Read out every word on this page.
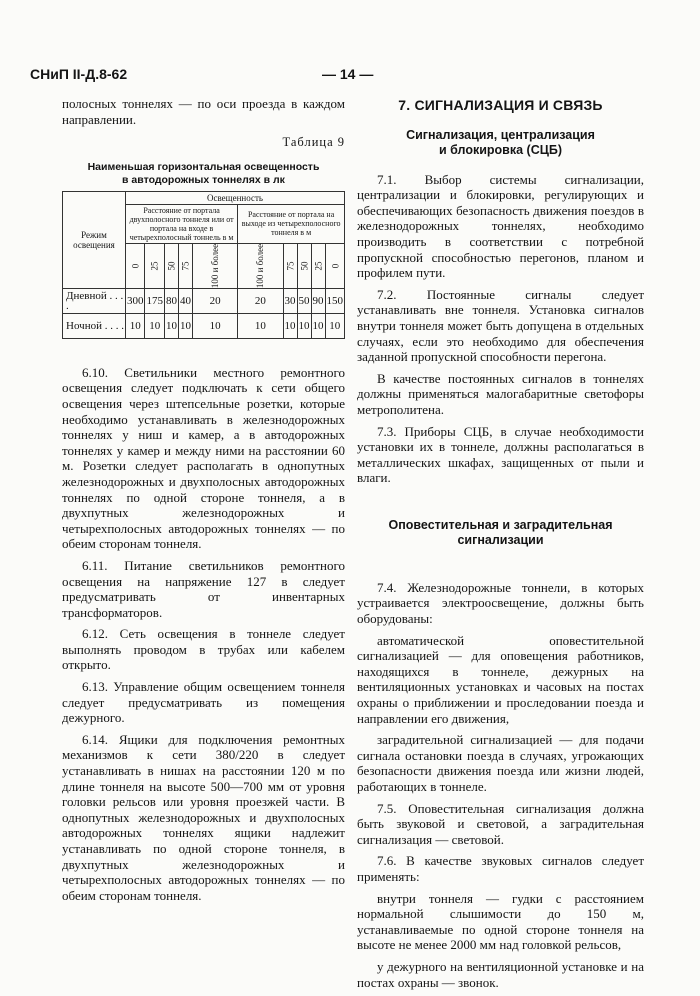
СНиП II-Д.8-62	— 14 —

полосных тоннелях — по оси проезда в каждом направлении.

Таблица 9
Наименьшая горизонтальная освещенность
в автодорожных тоннелях в лк
Режим освещения	Освещенность									
	Расстояние от портала двухполосного тоннеля или от портала на входе в четырехполосный тоннель в м					Расстояние от портала на выходе из четырехполосного тоннеля в м				
	0	25	50	75	100 и более	100 и более	75	50	25	0
Дневной . . . .	300	175	80	40	20	20	30	50	90	150
Ночной . . . .	10	10	10	10	10	10	10	10	10	10

6.10. Светильники местного ремонтного освещения следует подключать к сети общего освещения через штепсельные розетки, которые необходимо устанавливать в железнодорожных тоннелях у ниш и камер, а в автодорожных тоннелях у камер и между ними на расстоянии 60 м. Розетки следует располагать в однопутных железнодорожных и двухполосных автодорожных тоннелях по одной стороне тоннеля, а в двухпутных железнодорожных и четырехполосных автодорожных тоннелях — по обеим сторонам тоннеля.

6.11. Питание светильников ремонтного освещения на напряжение 127 в следует предусматривать от инвентарных трансформаторов.

6.12. Сеть освещения в тоннеле следует выполнять проводом в трубах или кабелем открыто.

6.13. Управление общим освещением тоннеля следует предусматривать из помещения дежурного.

6.14. Ящики для подключения ремонтных механизмов к сети 380/220 в следует устанавливать в нишах на расстоянии 120 м по длине тоннеля на высоте 500—700 мм от уровня головки рельсов или уровня проезжей части. В однопутных железнодорожных и двухполосных автодорожных тоннелях ящики надлежит устанавливать по одной стороне тоннеля, в двухпутных железнодорожных и четырехполосных автодорожных тоннелях — по обеим сторонам тоннеля.

7. СИГНАЛИЗАЦИЯ И СВЯЗЬ
Сигнализация, централизация
и блокировка (СЦБ)

7.1. Выбор системы сигнализации, централизации и блокировки, регулирующих и обеспечивающих безопасность движения поездов в железнодорожных тоннелях, необходимо производить в соответствии с потребной пропускной способностью перегонов, планом и профилем пути.

7.2. Постоянные сигналы следует устанавливать вне тоннеля. Установка сигналов внутри тоннеля может быть допущена в отдельных случаях, если это необходимо для обеспечения заданной пропускной способности перегона.

В качестве постоянных сигналов в тоннелях должны применяться малогабаритные светофоры метрополитена.

7.3. Приборы СЦБ, в случае необходимости установки их в тоннеле, должны располагаться в металлических шкафах, защищенных от пыли и влаги.

Оповестительная и заградительная
сигнализации

7.4. Железнодорожные тоннели, в которых устраивается электроосвещение, должны быть оборудованы:

автоматической оповестительной сигнализацией — для оповещения работников, находящихся в тоннеле, дежурных на вентиляционных установках и часовых на постах охраны о приближении и проследовании поезда и направлении его движения,

заградительной сигнализацией — для подачи сигнала остановки поезда в случаях, угрожающих безопасности движения поезда или жизни людей, работающих в тоннеле.

7.5. Оповестительная сигнализация должна быть звуковой и световой, а заградительная сигнализация — световой.

7.6. В качестве звуковых сигналов следует применять:

внутри тоннеля — гудки с расстоянием нормальной слышимости до 150 м, устанавливаемые по одной стороне тоннеля на высоте не менее 2000 мм над головкой рельсов,

у дежурного на вентиляционной установке и на постах охраны — звонок.
